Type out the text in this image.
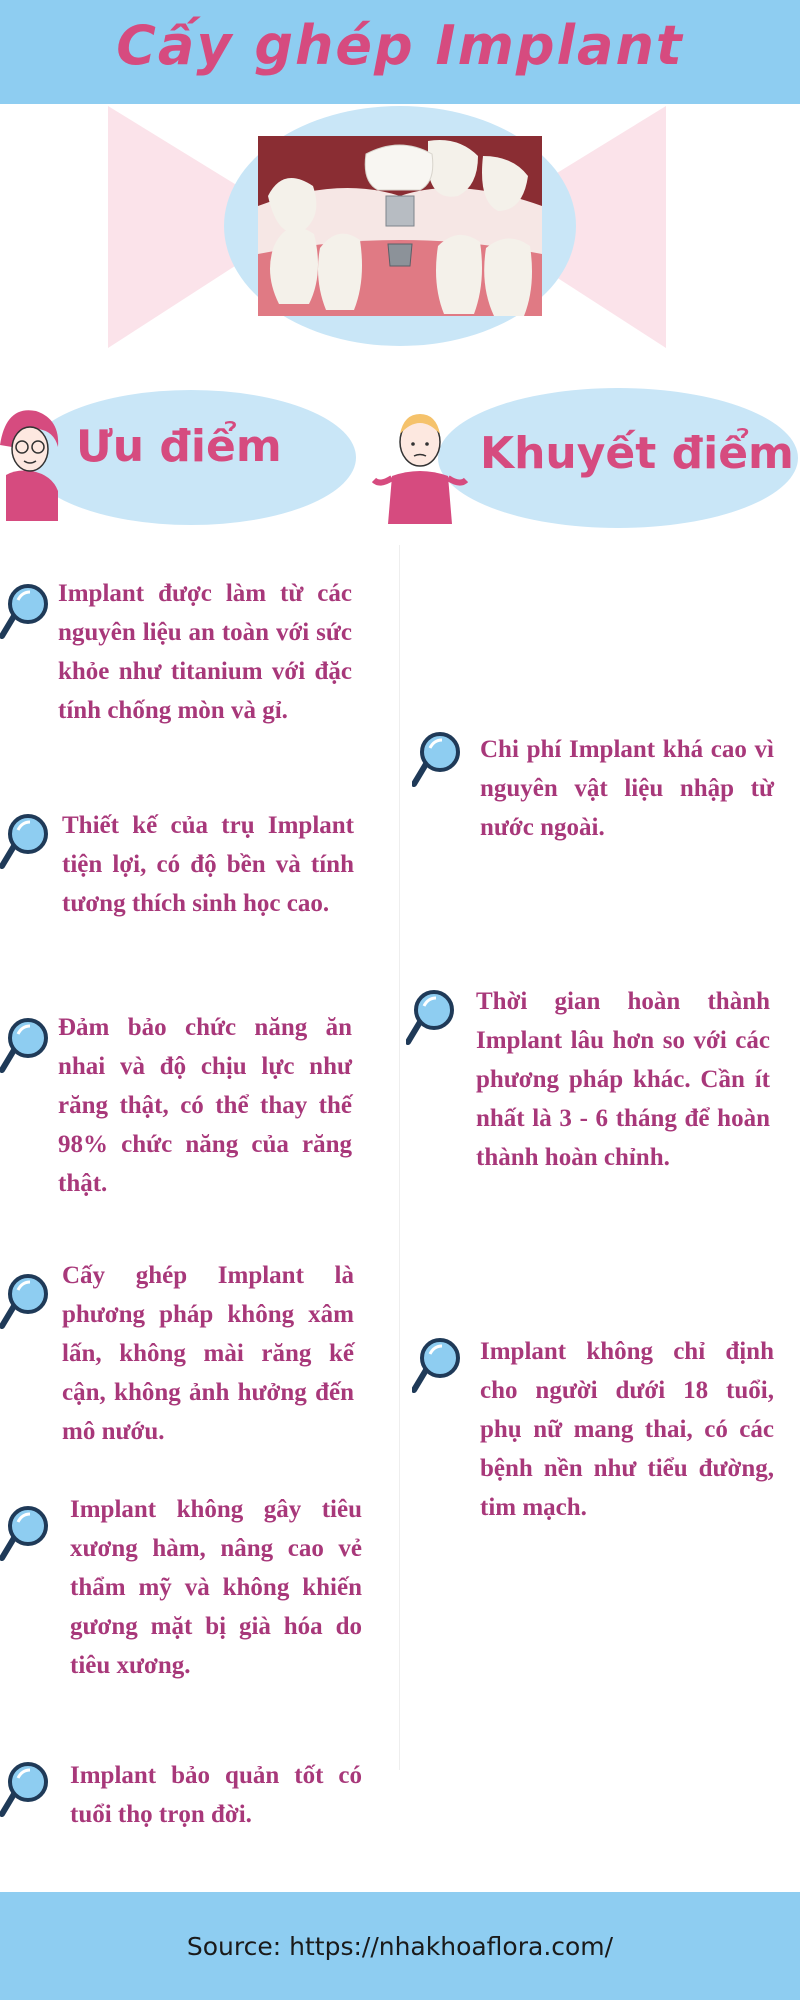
Cấy ghép Implant
Ưu điểm	Khuyết điểm
Implant được làm từ các nguyên liệu an toàn với sức khỏe như titanium với đặc tính chống mòn và gỉ.
Thiết kế của trụ Implant tiện lợi, có độ bền và tính tương thích sinh học cao.
Đảm bảo chức năng ăn nhai và độ chịu lực như răng thật, có thể thay thế 98% chức năng của răng thật.
Cấy ghép Implant là phương pháp không xâm lấn, không mài răng kế cận, không ảnh hưởng đến mô nướu.
Implant không gây tiêu xương hàm, nâng cao vẻ thẩm mỹ và không khiến gương mặt bị già hóa do tiêu xương.
Implant bảo quản tốt có tuổi thọ trọn đời.
Chi phí Implant khá cao vì nguyên vật liệu nhập từ nước ngoài.
Thời gian hoàn thành Implant lâu hơn so với các phương pháp khác. Cần ít nhất là 3 - 6 tháng để hoàn thành hoàn chỉnh.
Implant không chỉ định cho người dưới 18 tuổi, phụ nữ mang thai, có các bệnh nền như tiểu đường, tim mạch.
Source: https://nhakhoaflora.com/
